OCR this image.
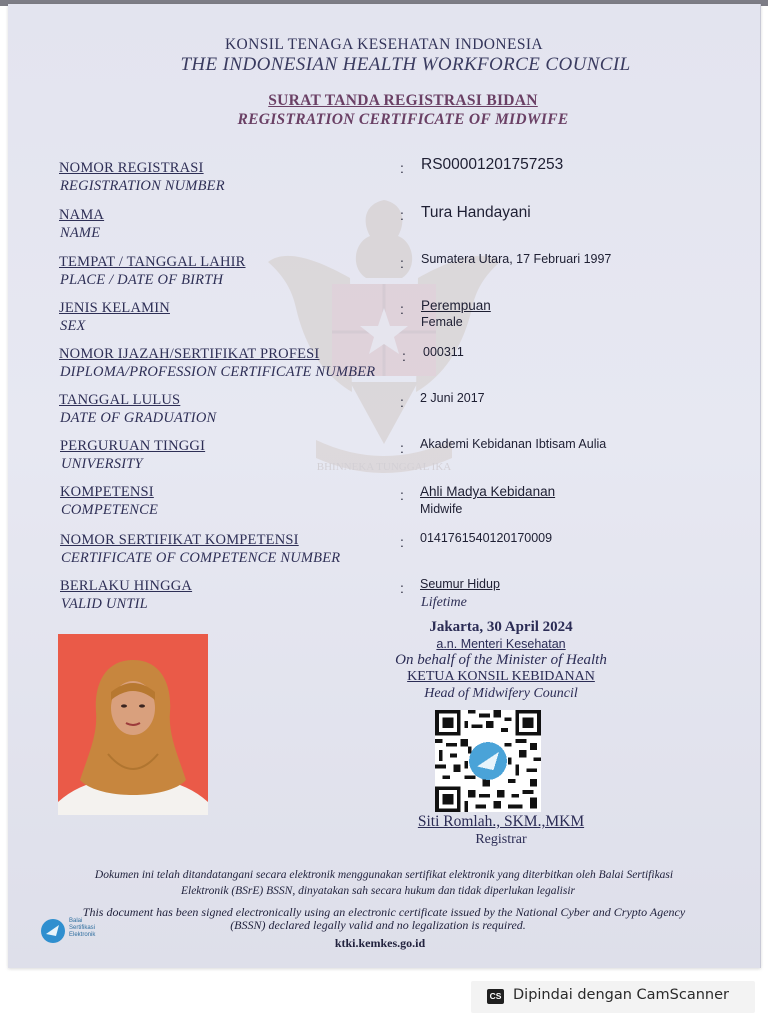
BHINNEKA TUNGGAL IKA
KONSIL TENAGA KESEHATAN INDONESIA
THE INDONESIAN HEALTH WORKFORCE COUNCIL
SURAT TANDA REGISTRASI BIDAN
REGISTRATION CERTIFICATE OF MIDWIFE
NOMOR REGISTRASI
REGISTRATION NUMBER
: RS00001201757253
NAMA
NAME
: Tura Handayani
TEMPAT / TANGGAL LAHIR
PLACE / DATE OF BIRTH
: Sumatera Utara, 17 Februari 1997
JENIS KELAMIN
SEX
: Perempuan
Female
NOMOR IJAZAH/SERTIFIKAT PROFESI
DIPLOMA/PROFESSION CERTIFICATE NUMBER
: 000311
TANGGAL LULUS
DATE OF GRADUATION
: 2 Juni 2017
PERGURUAN TINGGI
UNIVERSITY
: Akademi Kebidanan Ibtisam Aulia
KOMPETENSI
COMPETENCE
: Ahli Madya Kebidanan
Midwife
NOMOR SERTIFIKAT KOMPETENSI
CERTIFICATE OF COMPETENCE NUMBER
: 0141761540120170009
BERLAKU HINGGA
VALID UNTIL
: Seumur Hidup
Lifetime
Jakarta, 30 April 2024
a.n. Menteri Kesehatan
On behalf of the Minister of Health
KETUA KONSIL KEBIDANAN
Head of Midwifery Council
Siti Romlah., SKM.,MKM
Registrar
Dokumen ini telah ditandatangani secara elektronik menggunakan sertifikat elektronik yang diterbitkan oleh Balai Sertifikasi
Elektronik (BSrE) BSSN, dinyatakan sah secara hukum dan tidak diperlukan legalisir
This document has been signed electronically using an electronic certificate issued by the National Cyber and Crypto Agency
(BSSN) declared legally valid and no legalization is required.
ktki.kemkes.go.id
Balai
Sertifikasi
Elektronik
CS Dipindai dengan CamScanner
